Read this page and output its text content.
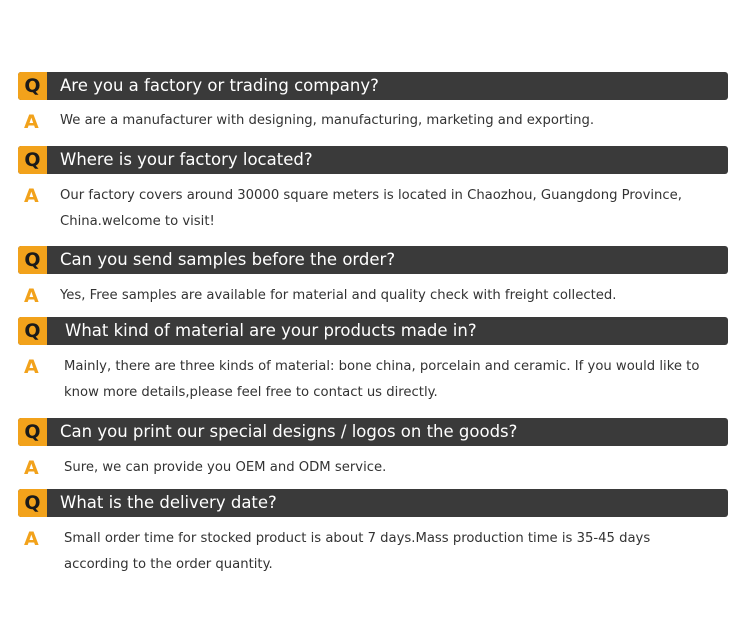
Q	Are you a factory or trading company?
A We are a manufacturer with designing, manufacturing, marketing and exporting.
Q	Where is your factory located?
A Our factory covers around 30000 square meters is located in Chaozhou, Guangdong Province, China.welcome to visit!
Q	Can you send samples before the order?
A Yes, Free samples are available for material and quality check with freight collected.
Q	What kind of material are your products made in?
A Mainly, there are three kinds of material: bone china, porcelain and ceramic. If you would like to know more details,please feel free to contact us directly.
Q	Can you print our special designs / logos on the goods?
A Sure, we can provide you OEM and ODM service.
Q	What is the delivery date?
A Small order time for stocked product is about 7 days.Mass production time is 35-45 days according to the order quantity.
